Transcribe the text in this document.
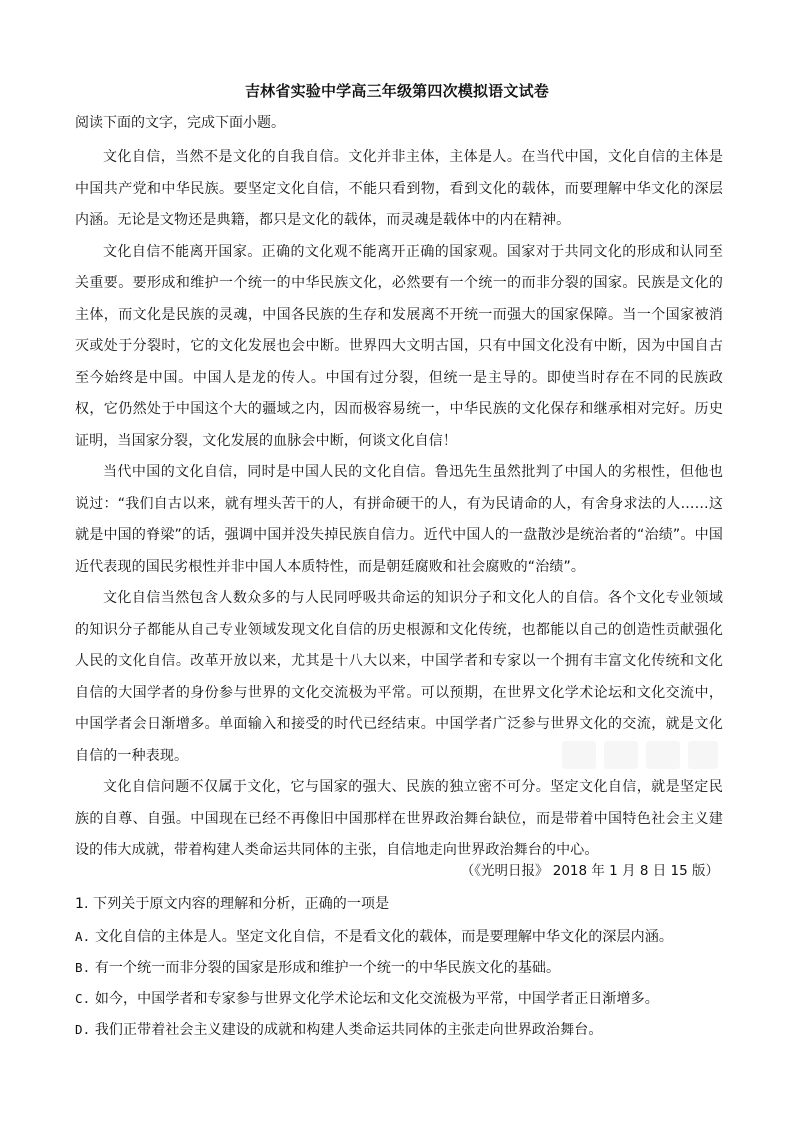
吉林省实验中学高三年级第四次模拟语文试卷
阅读下面的文字，完成下面小题。

文化自信，当然不是文化的自我自信。文化并非主体，主体是人。在当代中国，文化自信的主体是中国共产党和中华民族。要坚定文化自信，不能只看到物，看到文化的载体，而要理解中华文化的深层内涵。无论是文物还是典籍，都只是文化的载体，而灵魂是载体中的内在精神。

文化自信不能离开国家。正确的文化观不能离开正确的国家观。国家对于共同文化的形成和认同至关重要。要形成和维护一个统一的中华民族文化，必然要有一个统一的而非分裂的国家。民族是文化的主体，而文化是民族的灵魂，中国各民族的生存和发展离不开统一而强大的国家保障。当一个国家被消灭或处于分裂时，它的文化发展也会中断。世界四大文明古国，只有中国文化没有中断，因为中国自古至今始终是中国。中国人是龙的传人。中国有过分裂，但统一是主导的。即使当时存在不同的民族政权，它仍然处于中国这个大的疆域之内，因而极容易统一，中华民族的文化保存和继承相对完好。历史证明，当国家分裂，文化发展的血脉会中断，何谈文化自信！

当代中国的文化自信，同时是中国人民的文化自信。鲁迅先生虽然批判了中国人的劣根性，但他也说过：“我们自古以来，就有埋头苦干的人，有拼命硬干的人，有为民请命的人，有舍身求法的人……这就是中国的脊梁”的话，强调中国并没失掉民族自信力。近代中国人的一盘散沙是统治者的“治绩”。中国近代表现的国民劣根性并非中国人本质特性，而是朝廷腐败和社会腐败的“治绩”。

文化自信当然包含人数众多的与人民同呼吸共命运的知识分子和文化人的自信。各个文化专业领域的知识分子都能从自己专业领域发现文化自信的历史根源和文化传统，也都能以自己的创造性贡献强化人民的文化自信。改革开放以来，尤其是十八大以来，中国学者和专家以一个拥有丰富文化传统和文化自信的大国学者的身份参与世界的文化交流极为平常。可以预期，在世界文化学术论坛和文化交流中，中国学者会日渐增多。单面输入和接受的时代已经结束。中国学者广泛参与世界文化的交流，就是文化自信的一种表现。

文化自信问题不仅属于文化，它与国家的强大、民族的独立密不可分。坚定文化自信，就是坚定民族的自尊、自强。中国现在已经不再像旧中国那样在世界政治舞台缺位，而是带着中国特色社会主义建设的伟大成就，带着构建人类命运共同体的主张，自信地走向世界政治舞台的中心。

（《光明日报》 2018 年 1 月 8 日 15 版）
1. 下列关于原文内容的理解和分析，正确的一项是
A. 文化自信的主体是人。坚定文化自信，不是看文化的载体，而是要理解中华文化的深层内涵。
B. 有一个统一而非分裂的国家是形成和维护一个统一的中华民族文化的基础。
C. 如今，中国学者和专家参与世界文化学术论坛和文化交流极为平常，中国学者正日渐增多。
D. 我们正带着社会主义建设的成就和构建人类命运共同体的主张走向世界政治舞台。
